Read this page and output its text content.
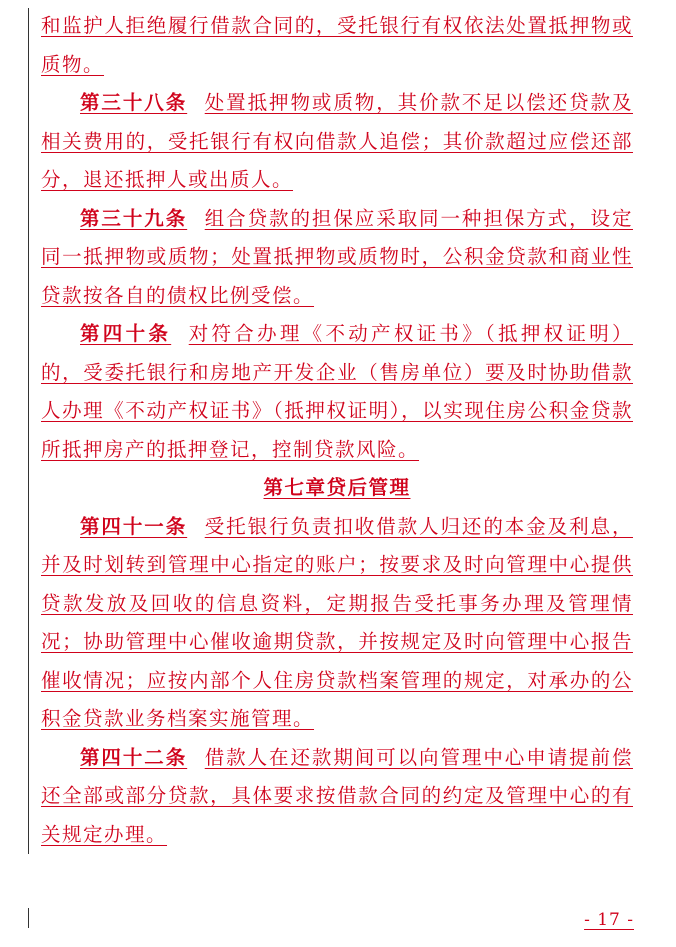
和监护人拒绝履行借款合同的，受托银行有权依法处置抵押物或质物。

第三十八条 处置抵押物或质物，其价款不足以偿还贷款及相关费用的，受托银行有权向借款人追偿；其价款超过应偿还部分，退还抵押人或出质人。

第三十九条 组合贷款的担保应采取同一种担保方式，设定同一抵押物或质物；处置抵押物或质物时，公积金贷款和商业性贷款按各自的债权比例受偿。

第四十条 对符合办理《不动产权证书》（抵押权证明）的，受委托银行和房地产开发企业（售房单位）要及时协助借款人办理《不动产权证书》（抵押权证明），以实现住房公积金贷款所抵押房产的抵押登记，控制贷款风险。

第七章贷后管理

第四十一条 受托银行负责扣收借款人归还的本金及利息，并及时划转到管理中心指定的账户；按要求及时向管理中心提供贷款发放及回收的信息资料，定期报告受托事务办理及管理情况；协助管理中心催收逾期贷款，并按规定及时向管理中心报告催收情况；应按内部个人住房贷款档案管理的规定，对承办的公积金贷款业务档案实施管理。

第四十二条 借款人在还款期间可以向管理中心申请提前偿还全部或部分贷款，具体要求按借款合同的约定及管理中心的有关规定办理。

- 17 -
